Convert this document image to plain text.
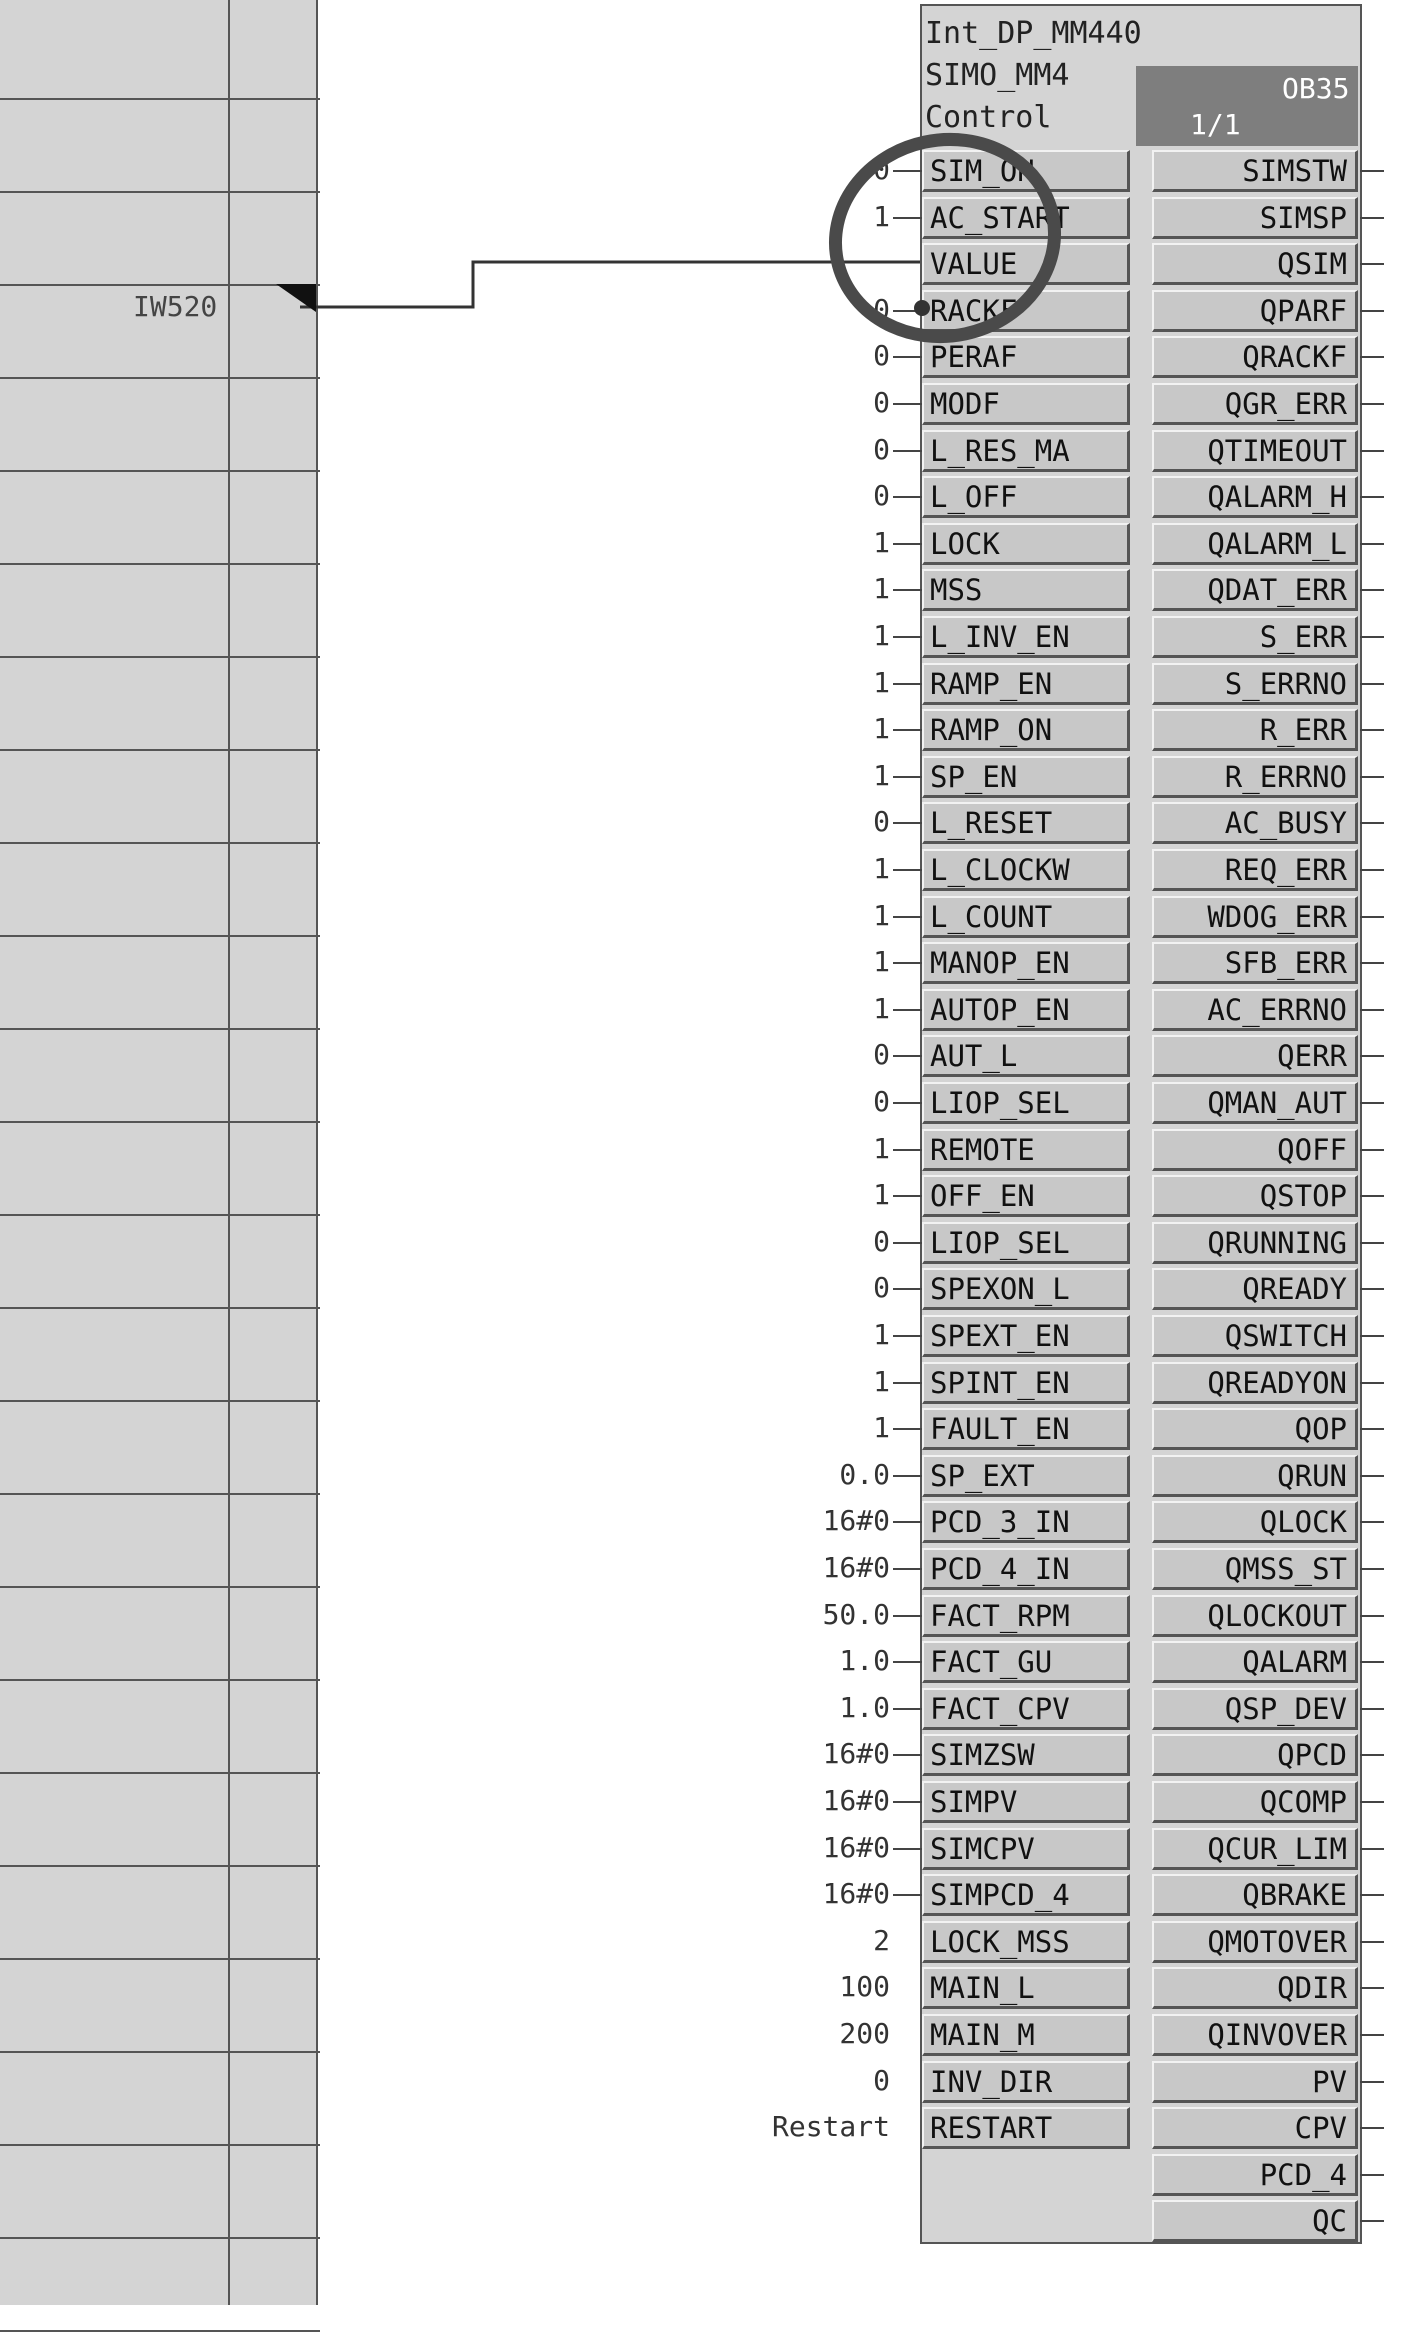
IW520
Int_DP_MM440
SIMO_MM4
Control
OB35
1/1
SIM_ON
0
AC_START
1
VALUE
RACKF
0
PERAF
0
MODF
0
L_RES_MA
0
L_OFF
0
LOCK
1
MSS
1
L_INV_EN
1
RAMP_EN
1
RAMP_ON
1
SP_EN
1
L_RESET
0
L_CLOCKW
1
L_COUNT
1
MANOP_EN
1
AUTOP_EN
1
AUT_L
0
LIOP_SEL
0
REMOTE
1
OFF_EN
1
LIOP_SEL
0
SPEXON_L
0
SPEXT_EN
1
SPINT_EN
1
FAULT_EN
1
SP_EXT
0.0
PCD_3_IN
16#0
PCD_4_IN
16#0
FACT_RPM
50.0
FACT_GU
1.0
FACT_CPV
1.0
SIMZSW
16#0
SIMPV
16#0
SIMCPV
16#0
SIMPCD_4
16#0
LOCK_MSS
2
MAIN_L
100
MAIN_M
200
INV_DIR
0
RESTART
Restart
SIMSTW
SIMSP
QSIM
QPARF
QRACKF
QGR_ERR
QTIMEOUT
QALARM_H
QALARM_L
QDAT_ERR
S_ERR
S_ERRNO
R_ERR
R_ERRNO
AC_BUSY
REQ_ERR
WDOG_ERR
SFB_ERR
AC_ERRNO
QERR
QMAN_AUT
QOFF
QSTOP
QRUNNING
QREADY
QSWITCH
QREADYON
QOP
QRUN
QLOCK
QMSS_ST
QLOCKOUT
QALARM
QSP_DEV
QPCD
QCOMP
QCUR_LIM
QBRAKE
QMOTOVER
QDIR
QINVOVER
PV
CPV
PCD_4
QC
